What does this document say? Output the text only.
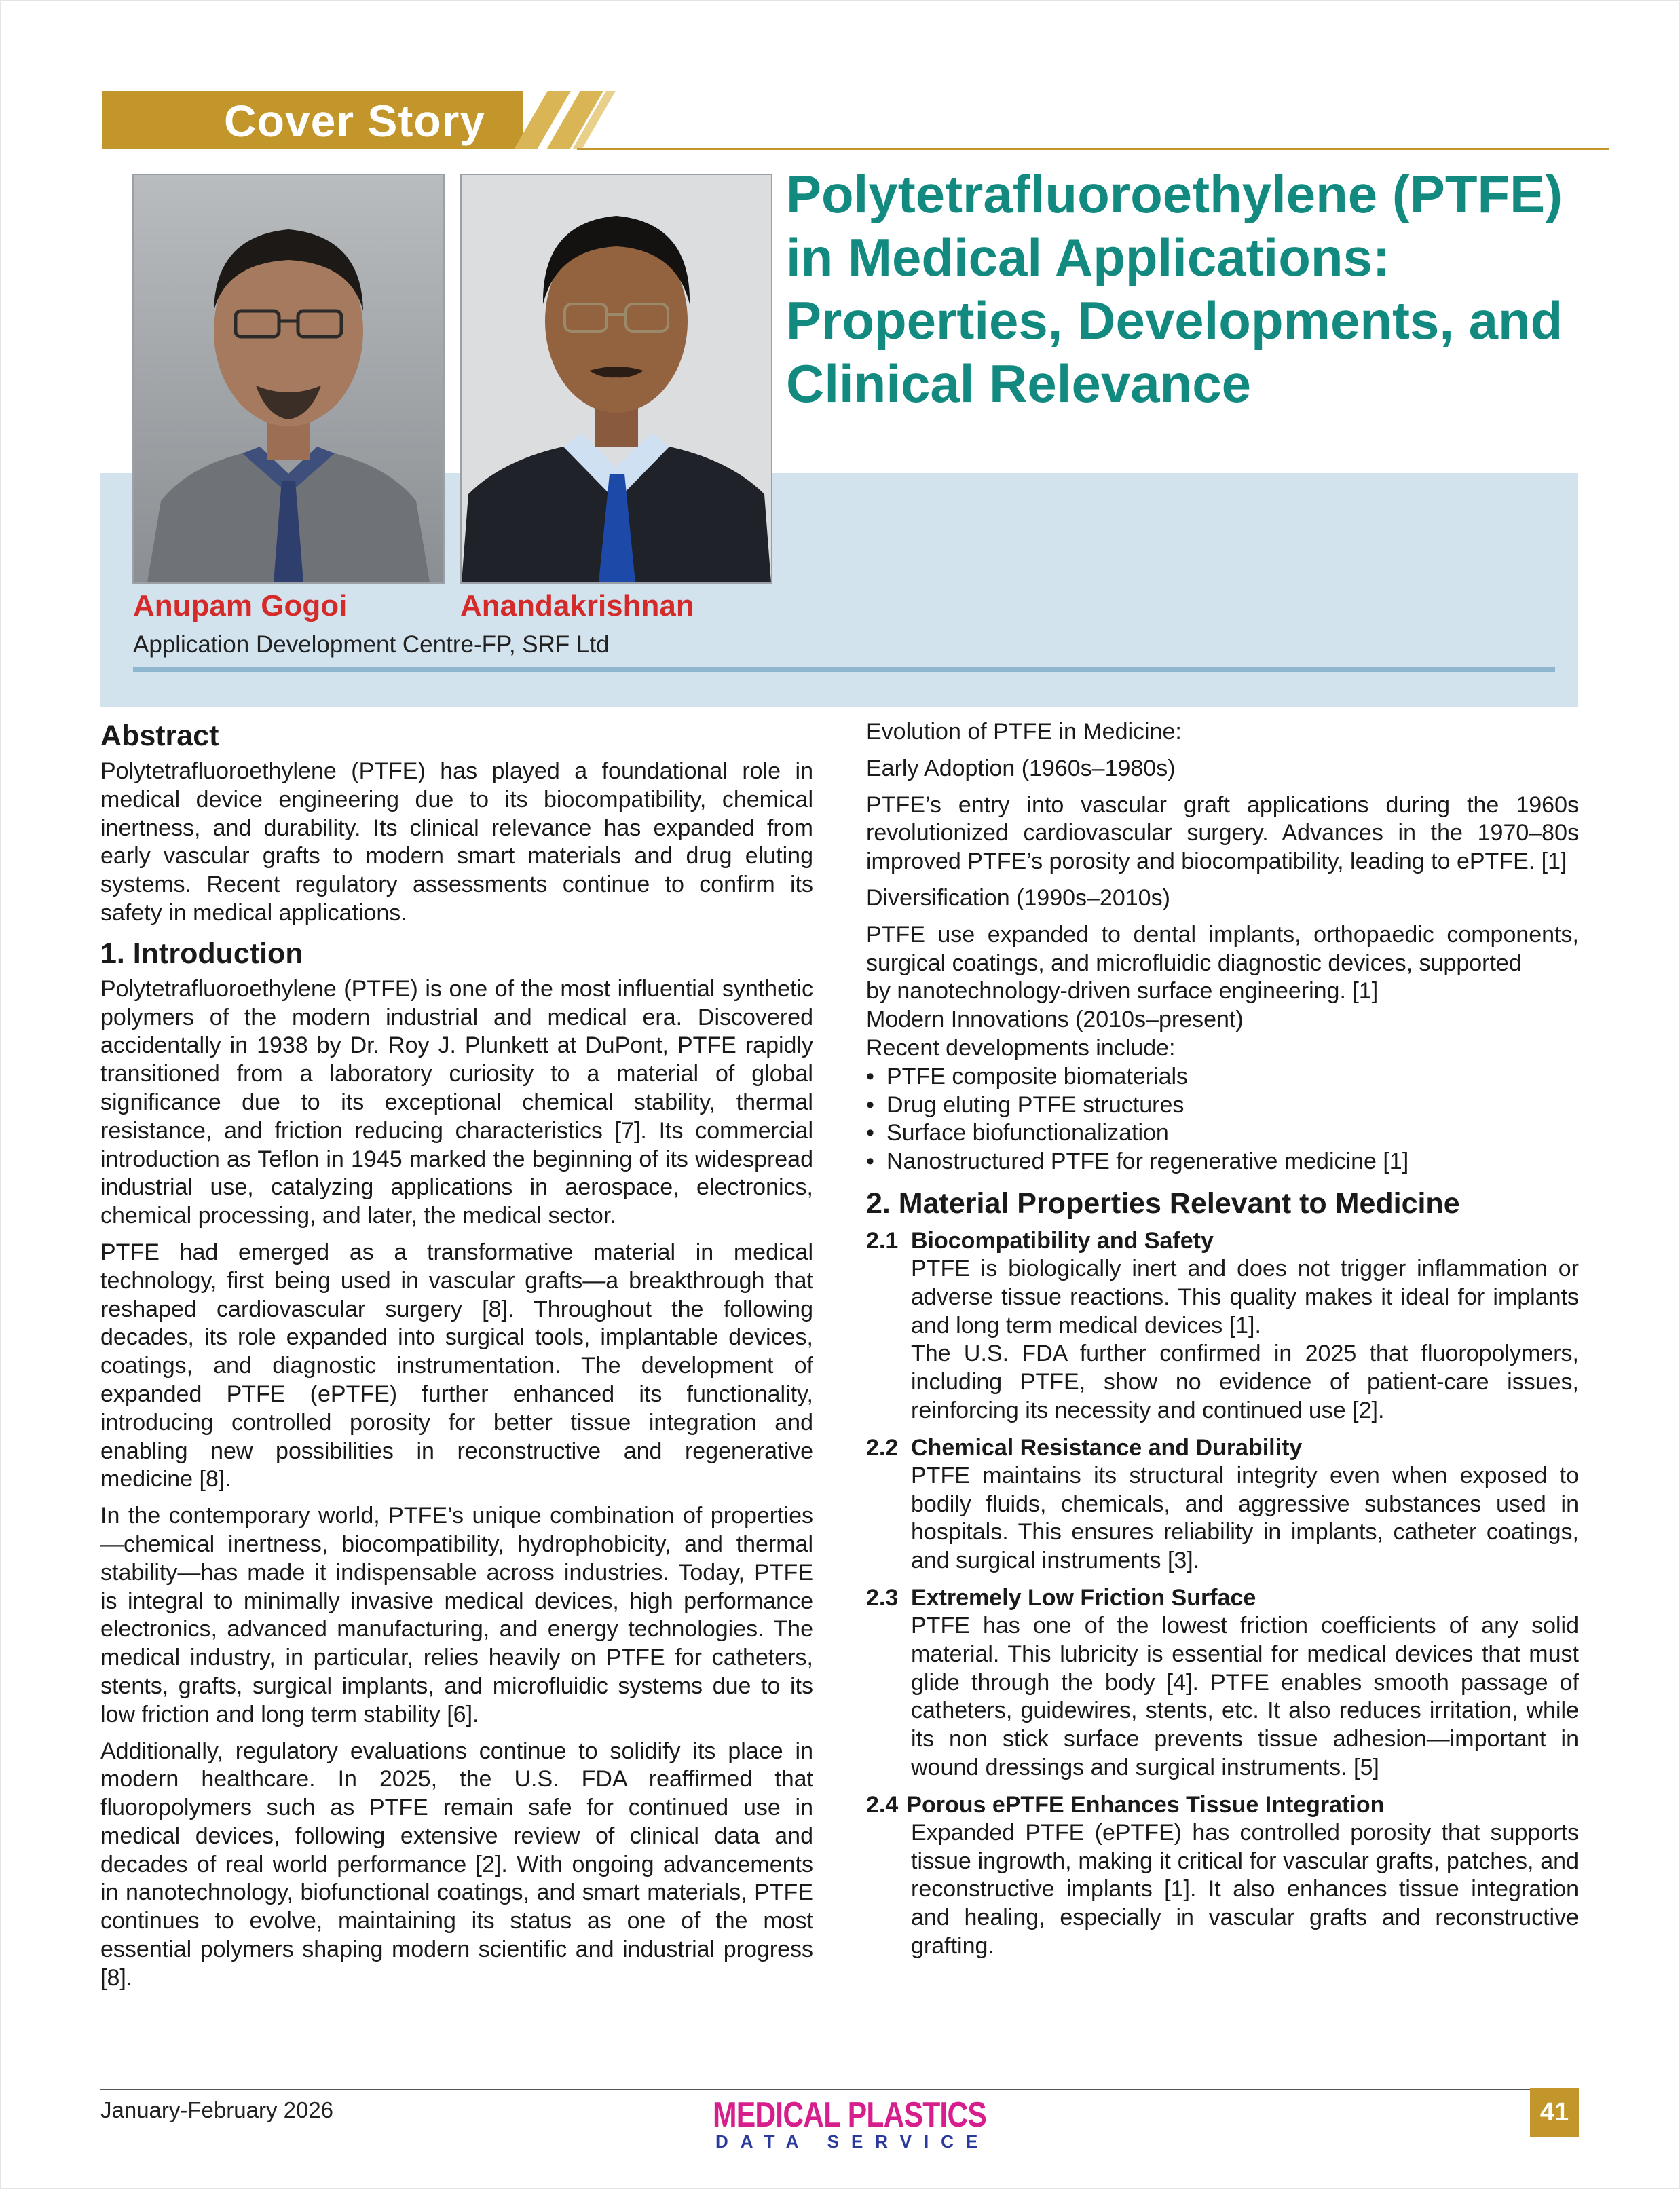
Cover Story
Polytetrafluoroethylene (PTFE) in Medical Applications: Properties, Developments, and Clinical Relevance
Anupam Gogoi	Anandakrishnan
Application Development Centre-FP, SRF Ltd
Abstract

Polytetrafluoroethylene (PTFE) has played a foundational role in medical device engineering due to its biocompatibility, chemical inertness, and durability. Its clinical relevance has expanded from early vascular grafts to modern smart materials and drug eluting systems. Recent regulatory assessments continue to confirm its safety in medical applications.

1. Introduction

Polytetrafluoroethylene (PTFE) is one of the most influential synthetic polymers of the modern industrial and medical era. Discovered accidentally in 1938 by Dr. Roy J. Plunkett at DuPont, PTFE rapidly transitioned from a laboratory curiosity to a material of global significance due to its exceptional chemical stability, thermal resistance, and friction reducing characteristics [7]. Its commercial introduction as Teflon in 1945 marked the beginning of its widespread industrial use, catalyzing applications in aerospace, electronics, chemical processing, and later, the medical sector.

PTFE had emerged as a transformative material in medical technology, first being used in vascular grafts—a breakthrough that reshaped cardiovascular surgery [8]. Throughout the following decades, its role expanded into surgical tools, implantable devices, coatings, and diagnostic instrumentation. The development of expanded PTFE (ePTFE) further enhanced its functionality, introducing controlled porosity for better tissue integration and enabling new possibilities in reconstructive and regenerative medicine [8].

In the contemporary world, PTFE’s unique combination of properties—chemical inertness, biocompatibility, hydrophobicity, and thermal stability—has made it indispensable across industries. Today, PTFE is integral to minimally invasive medical devices, high performance electronics, advanced manufacturing, and energy technologies. The medical industry, in particular, relies heavily on PTFE for catheters, stents, grafts, surgical implants, and microfluidic systems due to its low friction and long term stability [6].

Additionally, regulatory evaluations continue to solidify its place in modern healthcare. In 2025, the U.S. FDA reaffirmed that fluoropolymers such as PTFE remain safe for continued use in medical devices, following extensive review of clinical data and decades of real world performance [2]. With ongoing advancements in nanotechnology, biofunctional coatings, and smart materials, PTFE continues to evolve, maintaining its status as one of the most essential polymers shaping modern scientific and industrial progress [8].

Evolution of PTFE in Medicine:

Early Adoption (1960s–1980s)

PTFE’s entry into vascular graft applications during the 1960s revolutionized cardiovascular surgery. Advances in the 1970–80s improved PTFE’s porosity and biocompatibility, leading to ePTFE. [1]

Diversification (1990s–2010s)

PTFE use expanded to dental implants, orthopaedic components, surgical coatings, and microfluidic diagnostic devices, supported

by nanotechnology-driven surface engineering. [1]

Modern Innovations (2010s–present)

Recent developments include:

• PTFE composite biomaterials
• Drug eluting PTFE structures
• Surface biofunctionalization
• Nanostructured PTFE for regenerative medicine [1]
2. Material Properties Relevant to Medicine
2.1 Biocompatibility and Safety

PTFE is biologically inert and does not trigger inflammation or adverse tissue reactions. This quality makes it ideal for implants and long term medical devices [1].

The U.S. FDA further confirmed in 2025 that fluoropolymers, including PTFE, show no evidence of patient-care issues, reinforcing its necessity and continued use [2].

2.2 Chemical Resistance and Durability

PTFE maintains its structural integrity even when exposed to bodily fluids, chemicals, and aggressive substances used in hospitals. This ensures reliability in implants, catheter coatings, and surgical instruments [3].

2.3 Extremely Low Friction Surface

PTFE has one of the lowest friction coefficients of any solid material. This lubricity is essential for medical devices that must glide through the body [4]. PTFE enables smooth passage of catheters, guidewires, stents, etc. It also reduces irritation, while its non stick surface prevents tissue adhesion—important in wound dressings and surgical instruments. [5]

2.4 Porous ePTFE Enhances Tissue Integration

Expanded PTFE (ePTFE) has controlled porosity that supports tissue ingrowth, making it critical for vascular grafts, patches, and reconstructive implants [1]. It also enhances tissue integration and healing, especially in vascular grafts and reconstructive grafting.

January-February 2026	MEDICAL PLASTICS
DATA SERVICE
41
